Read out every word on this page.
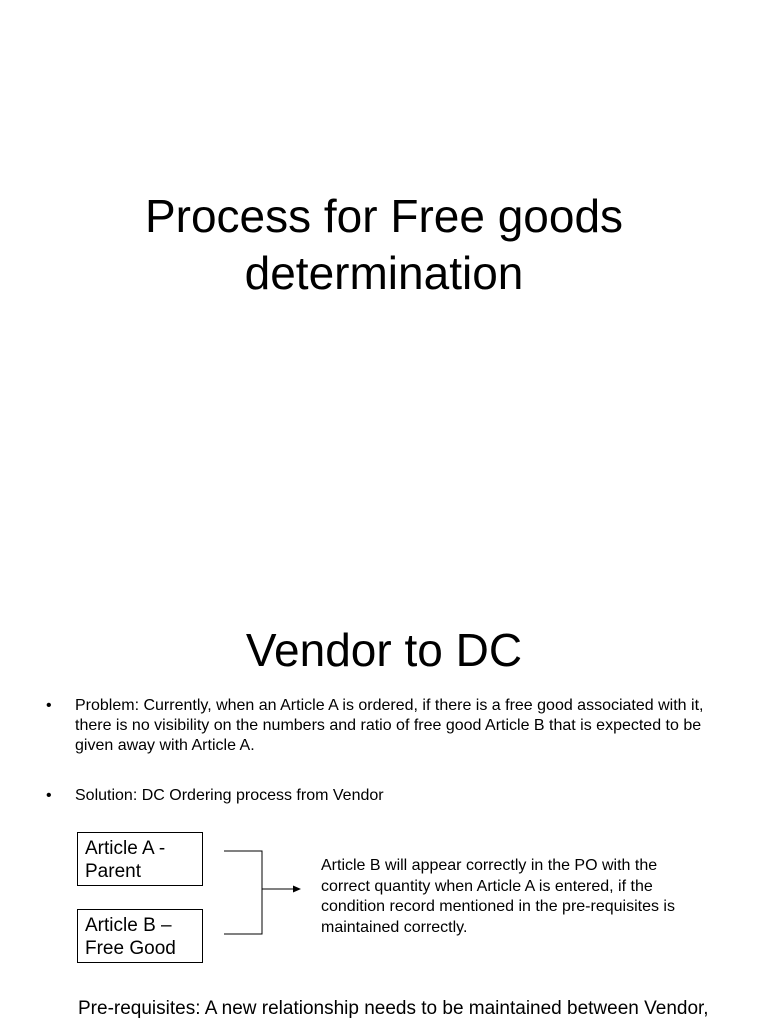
Process for Free goods
determination
Vendor to DC
• Problem: Currently, when an Article A is ordered, if there is a free good associated with it, there is no visibility on the numbers and ratio of free good Article B that is expected to be given away with Article A.
• Solution: DC Ordering process from Vendor
Article A -
Parent
Article B –
Free Good
Article B will appear correctly in the PO with the correct quantity when Article A is entered, if the condition record mentioned in the pre-requisites is maintained correctly.
Pre-requisites: A new relationship needs to be maintained between Vendor,
